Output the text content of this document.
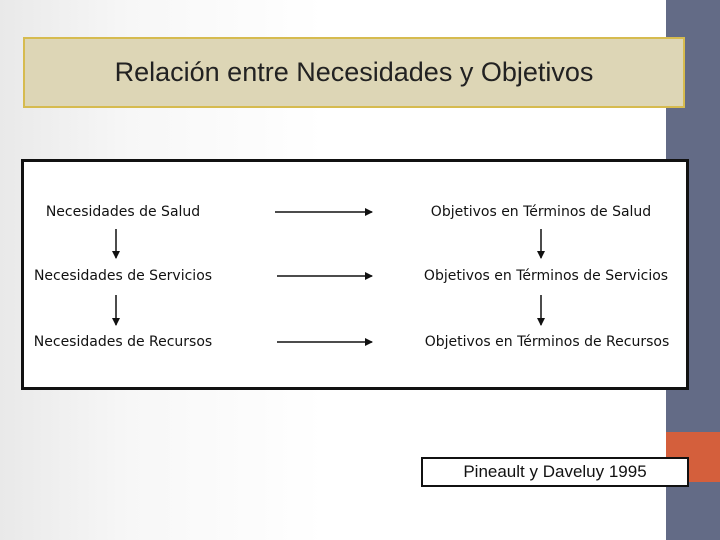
Relación entre Necesidades y Objetivos
Necesidades de Salud
Necesidades de Servicios
Necesidades de Recursos
Objetivos en Términos de Salud
Objetivos en Términos de Servicios
Objetivos en Términos de Recursos
Pineault y Daveluy 1995
